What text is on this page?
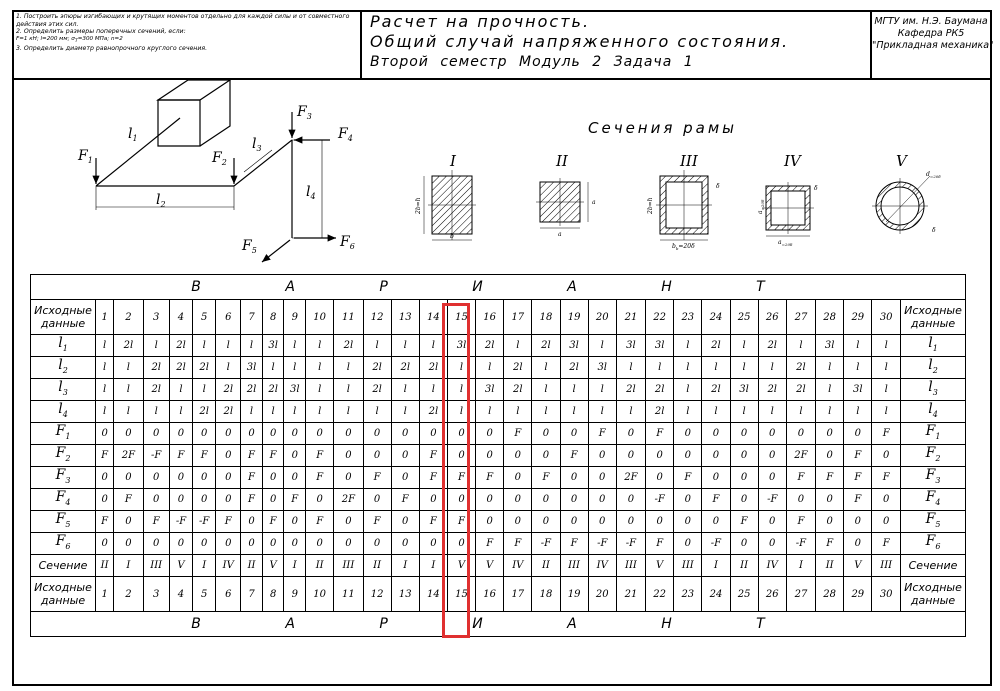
1. Построить эпюры изгибающих и крутящих моментов отдельно для каждой силы и от совместного
действия этих сил.
2. Определить размеры поперечных сечений, если:
F=1 кН; l=200 мм; $\sigma_T=300$ МПа; n=2
3. Определить диаметр равнопрочного круглого сечения.
Расчет на прочность.
Общий случай напряженного состояния.
Второй семестр Модуль 2 Задача 1
МГТУ им. Н.Э. Баумана
Кафедра РК5
"Прикладная механика"
$F_1$	$F_2$
$F_3$
$F_4$
$F_5$
$F_6$
$l_1$
$l_2$
$l_3$
$l_4$
I	II	III	IV	V
2b=h
b
a
a
2b=h
$b_b=20\delta$
δ
$a_{=20\delta}$
$a_{=20\delta}$
δ
$d_{=20\delta}$
δ
Сечения рамы
В А Р И А Н Т																															
Исходные данные	1	2	3	4	5	6	7	8	9	10	11	12	13	14	15	16	17	18	19	20	21	22	23	24	25	26	27	28	29	30	Исходные данные
$l_1$	l	2l	l	2l	l	l	l	3l	l	l	2l	l	l	l	3l	2l	l	2l	3l	l	3l	3l	l	2l	l	2l	l	3l	l	l	$l_1$
$l_2$	l	l	2l	2l	2l	l	3l	l	l	l	l	2l	2l	2l	l	l	2l	l	2l	3l	l	l	l	l	l	l	2l	l	l	l	$l_2$
$l_3$	l	l	2l	l	l	2l	2l	2l	3l	l	l	2l	l	l	l	3l	2l	l	l	l	2l	2l	l	2l	3l	2l	2l	l	3l	l	$l_3$
$l_4$	l	l	l	l	2l	2l	l	l	l	l	l	l	l	2l	l	l	l	l	l	l	l	2l	l	l	l	l	l	l	l	l	$l_4$
$F_1$	0	0	0	0	0	0	0	0	0	0	0	0	0	0	0	0	F	0	0	F	0	F	0	0	0	0	0	0	0	F	$F_1$
$F_2$	F	2F	-F	F	F	0	F	F	0	F	0	0	0	F	0	0	0	0	F	0	0	0	0	0	0	0	2F	0	F	0	$F_2$
$F_3$	0	0	0	0	0	0	F	0	0	F	0	F	0	F	F	F	0	F	0	0	2F	0	F	0	0	0	F	F	F	F	$F_3$
$F_4$	0	F	0	0	0	0	F	0	F	0	2F	0	F	0	0	0	0	0	0	0	0	-F	0	F	0	-F	0	0	F	0	$F_4$
$F_5$	F	0	F	-F	-F	F	0	F	0	F	0	F	0	F	F	0	0	0	0	0	0	0	0	0	F	0	F	0	0	0	$F_5$
$F_6$	0	0	0	0	0	0	0	0	0	0	0	0	0	0	0	F	F	-F	F	-F	-F	F	0	-F	0	0	-F	F	0	F	$F_6$
Сечение	II	I	III	V	I	IV	II	V	I	II	III	II	I	I	V	V	IV	II	III	IV	III	V	III	I	II	IV	I	II	V	III	Сечение
Исходные данные	1	2	3	4	5	6	7	8	9	10	11	12	13	14	15	16	17	18	19	20	21	22	23	24	25	26	27	28	29	30	Исходные данные
В А Р И А Н Т																															
